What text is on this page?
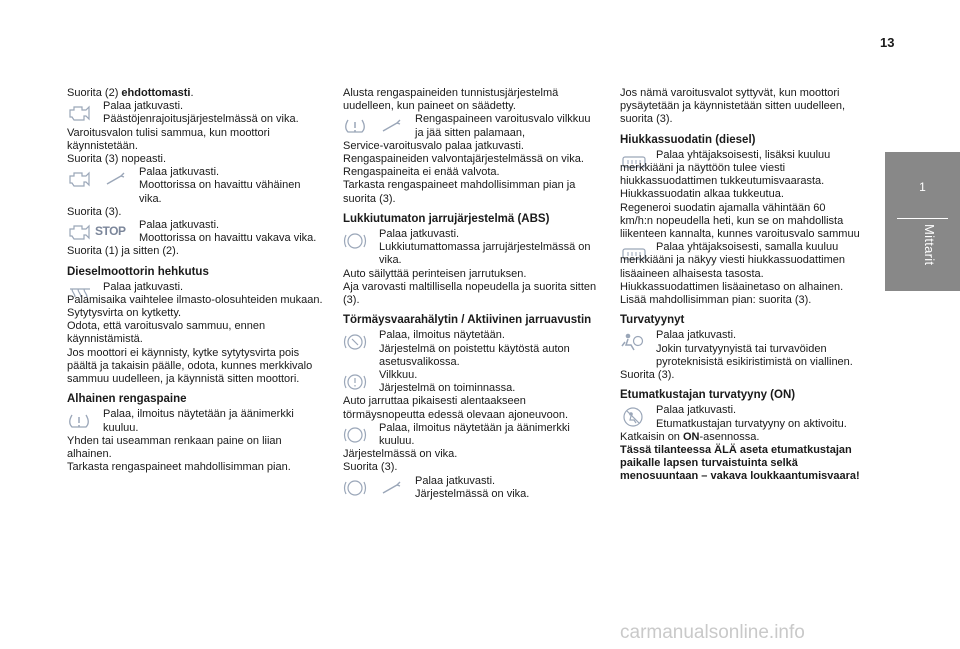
13
1
Mittarit

Suorita (2) ehdottomasti.

Palaa jatkuvasti.
Päästöjenrajoitusjärjestelmässä on vika.

Varoitusvalon tulisi sammua, kun moottori käynnistetään.

Suorita (3) nopeasti.

Palaa jatkuvasti.
Moottorissa on havaittu vähäinen vika.

Suorita (3).

STOP Palaa jatkuvasti.
Moottorissa on havaittu vakava vika.

Suorita (1) ja sitten (2).

Dieselmoottorin hehkutus
Palaa jatkuvasti.

Palamisaika vaihtelee ilmasto-olosuhteiden mukaan.

Sytytysvirta on kytketty.

Odota, että varoitusvalo sammuu, ennen käynnistämistä.

Jos moottori ei käynnisty, kytke sytytysvirta pois päältä ja takaisin päälle, odota, kunnes merkkivalo sammuu uudelleen, ja käynnistä sitten moottori.

Alhainen rengaspaine
Palaa, ilmoitus näytetään ja äänimerkki kuuluu.

Yhden tai useamman renkaan paine on liian alhainen.

Tarkasta rengaspaineet mahdollisimman pian.

Alusta rengaspaineiden tunnistusjärjestelmä uudelleen, kun paineet on säädetty.

Rengaspaineen varoitusvalo vilkkuu ja jää sitten palamaan,

Service-varoitusvalo palaa jatkuvasti.

Rengaspaineiden valvontajärjestelmässä on vika.

Rengaspaineita ei enää valvota.

Tarkasta rengaspaineet mahdollisimman pian ja suorita (3).

Lukkiutumaton jarrujärjestelmä (ABS)
Palaa jatkuvasti.
Lukkiutumattomassa jarrujärjestelmässä on vika.

Auto säilyttää perinteisen jarrutuksen.

Aja varovasti maltillisella nopeudella ja suorita sitten (3).

Törmäysvaarahälytin / Aktiivinen jarruavustin
Palaa, ilmoitus näytetään.
Järjestelmä on poistettu käytöstä auton asetusvalikossa.
Vilkkuu.
Järjestelmä on toiminnassa.

Auto jarruttaa pikaisesti alentaakseen törmäysnopeutta edessä olevaan ajoneuvoon.

Palaa, ilmoitus näytetään ja äänimerkki kuuluu.

Järjestelmässä on vika.

Suorita (3).

Palaa jatkuvasti.
Järjestelmässä on vika.

Jos nämä varoitusvalot syttyvät, kun moottori pysäytetään ja käynnistetään sitten uudelleen, suorita (3).

Hiukkassuodatin (diesel)

Palaa yhtäjaksoisesti, lisäksi kuuluu merkkiääni ja näyttöön tulee viesti hiukkassuodattimen tukkeutumisvaarasta.

Hiukkassuodatin alkaa tukkeutua.

Regeneroi suodatin ajamalla vähintään 60 km/h:n nopeudella heti, kun se on mahdollista liikenteen kannalta, kunnes varoitusvalo sammuu

Palaa yhtäjaksoisesti, samalla kuuluu merkkiääni ja näkyy viesti hiukkassuodattimen lisäaineen alhaisesta tasosta.

Hiukkassuodattimen lisäainetaso on alhainen.

Lisää mahdollisimman pian: suorita (3).

Turvatyynyt
Palaa jatkuvasti.
Jokin turvatyynyistä tai turvavöiden pyroteknisistä esikiristimistä on viallinen.

Suorita (3).

Etumatkustajan turvatyyny (ON)
Palaa jatkuvasti.
Etumatkustajan turvatyyny on aktivoitu.

Katkaisin on ON-asennossa.

Tässä tilanteessa ÄLÄ aseta etumatkustajan paikalle lapsen turvaistuinta selkä menosuuntaan – vakava loukkaantumisvaara!

carmanualsonline.info
